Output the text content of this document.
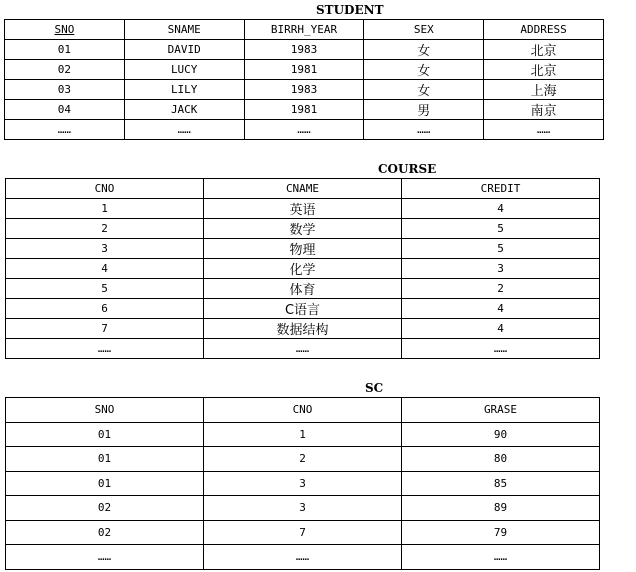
STUDENT
SNO	SNAME	BIRRH_YEAR	SEX	ADDRESS
01	DAVID	1983	女	北京
02	LUCY	1981	女	北京
03	LILY	1983	女	上海
04	JACK	1981	男	南京
……	……	……	……	……
COURSE
CNO	CNAME	CREDIT
1	英语	4
2	数学	5
3	物理	5
4	化学	3
5	体育	2
6	C语言	4
7	数据结构	4
……	……	……
SC
SNO	CNO	GRASE
01	1	90
01	2	80
01	3	85
02	3	89
02	7	79
……	……	……
